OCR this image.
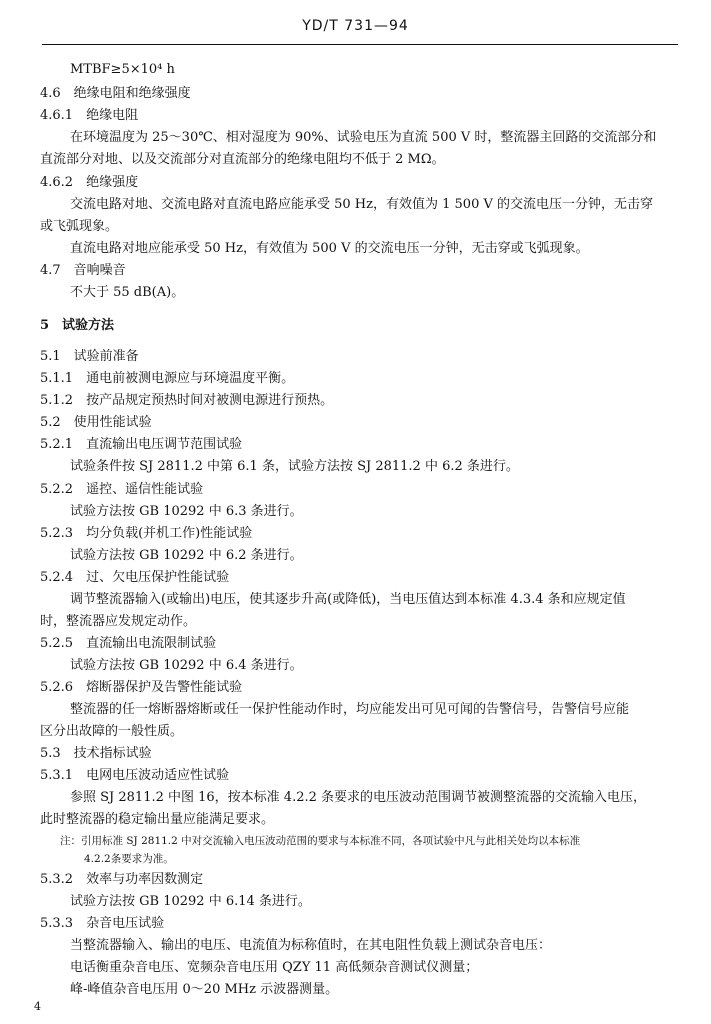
YD/T 731—94
MTBF≥5×10⁴ h
4.6　绝缘电阻和绝缘强度
4.6.1　绝缘电阻
在环境温度为 25～30℃、相对湿度为 90%、试验电压为直流 500 V 时，整流器主回路的交流部分和
直流部分对地、以及交流部分对直流部分的绝缘电阻均不低于 2 MΩ。
4.6.2　绝缘强度
交流电路对地、交流电路对直流电路应能承受 50 Hz，有效值为 1 500 V 的交流电压一分钟，无击穿
或飞弧现象。
直流电路对地应能承受 50 Hz，有效值为 500 V 的交流电压一分钟，无击穿或飞弧现象。
4.7　音响噪音
不大于 55 dB(A)。
5　试验方法
5.1　试验前准备
5.1.1　通电前被测电源应与环境温度平衡。
5.1.2　按产品规定预热时间对被测电源进行预热。
5.2　使用性能试验
5.2.1　直流输出电压调节范围试验
试验条件按 SJ 2811.2 中第 6.1 条，试验方法按 SJ 2811.2 中 6.2 条进行。
5.2.2　遥控、遥信性能试验
试验方法按 GB 10292 中 6.3 条进行。
5.2.3　均分负载(并机工作)性能试验
试验方法按 GB 10292 中 6.2 条进行。
5.2.4　过、欠电压保护性能试验
调节整流器输入(或输出)电压，使其逐步升高(或降低)，当电压值达到本标准 4.3.4 条和应规定值
时，整流器应发规定动作。
5.2.5　直流输出电流限制试验
试验方法按 GB 10292 中 6.4 条进行。
5.2.6　熔断器保护及告警性能试验
整流器的任一熔断器熔断或任一保护性能动作时，均应能发出可见可闻的告警信号，告警信号应能
区分出故障的一般性质。
5.3　技术指标试验
5.3.1　电网电压波动适应性试验
参照 SJ 2811.2 中图 16，按本标准 4.2.2 条要求的电压波动范围调节被测整流器的交流输入电压，
此时整流器的稳定输出量应能满足要求。
注：引用标准 SJ 2811.2 中对交流输入电压波动范围的要求与本标准不同，各项试验中凡与此相关处均以本标准
4.2.2条要求为准。
5.3.2　效率与功率因数测定
试验方法按 GB 10292 中 6.14 条进行。
5.3.3　杂音电压试验
当整流器输入、输出的电压、电流值为标称值时，在其电阻性负载上测试杂音电压：
电话衡重杂音电压、宽频杂音电压用 QZY 11 高低频杂音测试仪测量；
峰-峰值杂音电压用 0～20 MHz 示波器测量。
4
